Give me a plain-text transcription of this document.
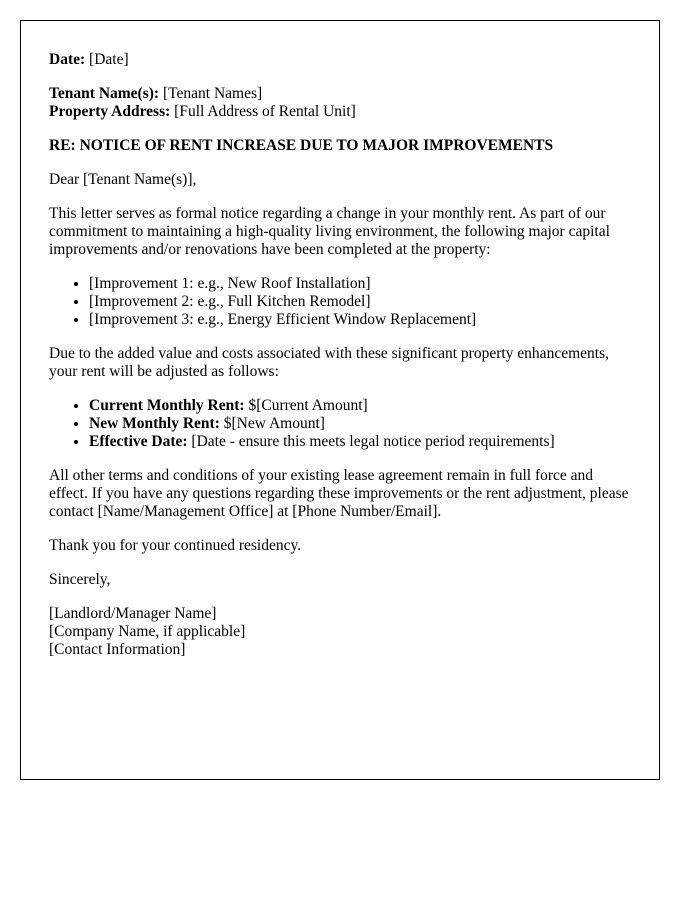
Date: [Date]

Tenant Name(s): [Tenant Names]
Property Address: [Full Address of Rental Unit]

RE: NOTICE OF RENT INCREASE DUE TO MAJOR IMPROVEMENTS

Dear [Tenant Name(s)],

This letter serves as formal notice regarding a change in your monthly rent. As part of our commitment to maintaining a high-quality living environment, the following major capital improvements and/or renovations have been completed at the property:

• [Improvement 1: e.g., New Roof Installation]
• [Improvement 2: e.g., Full Kitchen Remodel]
• [Improvement 3: e.g., Energy Efficient Window Replacement]

Due to the added value and costs associated with these significant property enhancements, your rent will be adjusted as follows:

• Current Monthly Rent: $[Current Amount]
• New Monthly Rent: $[New Amount]
• Effective Date: [Date - ensure this meets legal notice period requirements]

All other terms and conditions of your existing lease agreement remain in full force and effect. If you have any questions regarding these improvements or the rent adjustment, please contact [Name/Management Office] at [Phone Number/Email].

Thank you for your continued residency.

Sincerely,

[Landlord/Manager Name]
[Company Name, if applicable]
[Contact Information]
